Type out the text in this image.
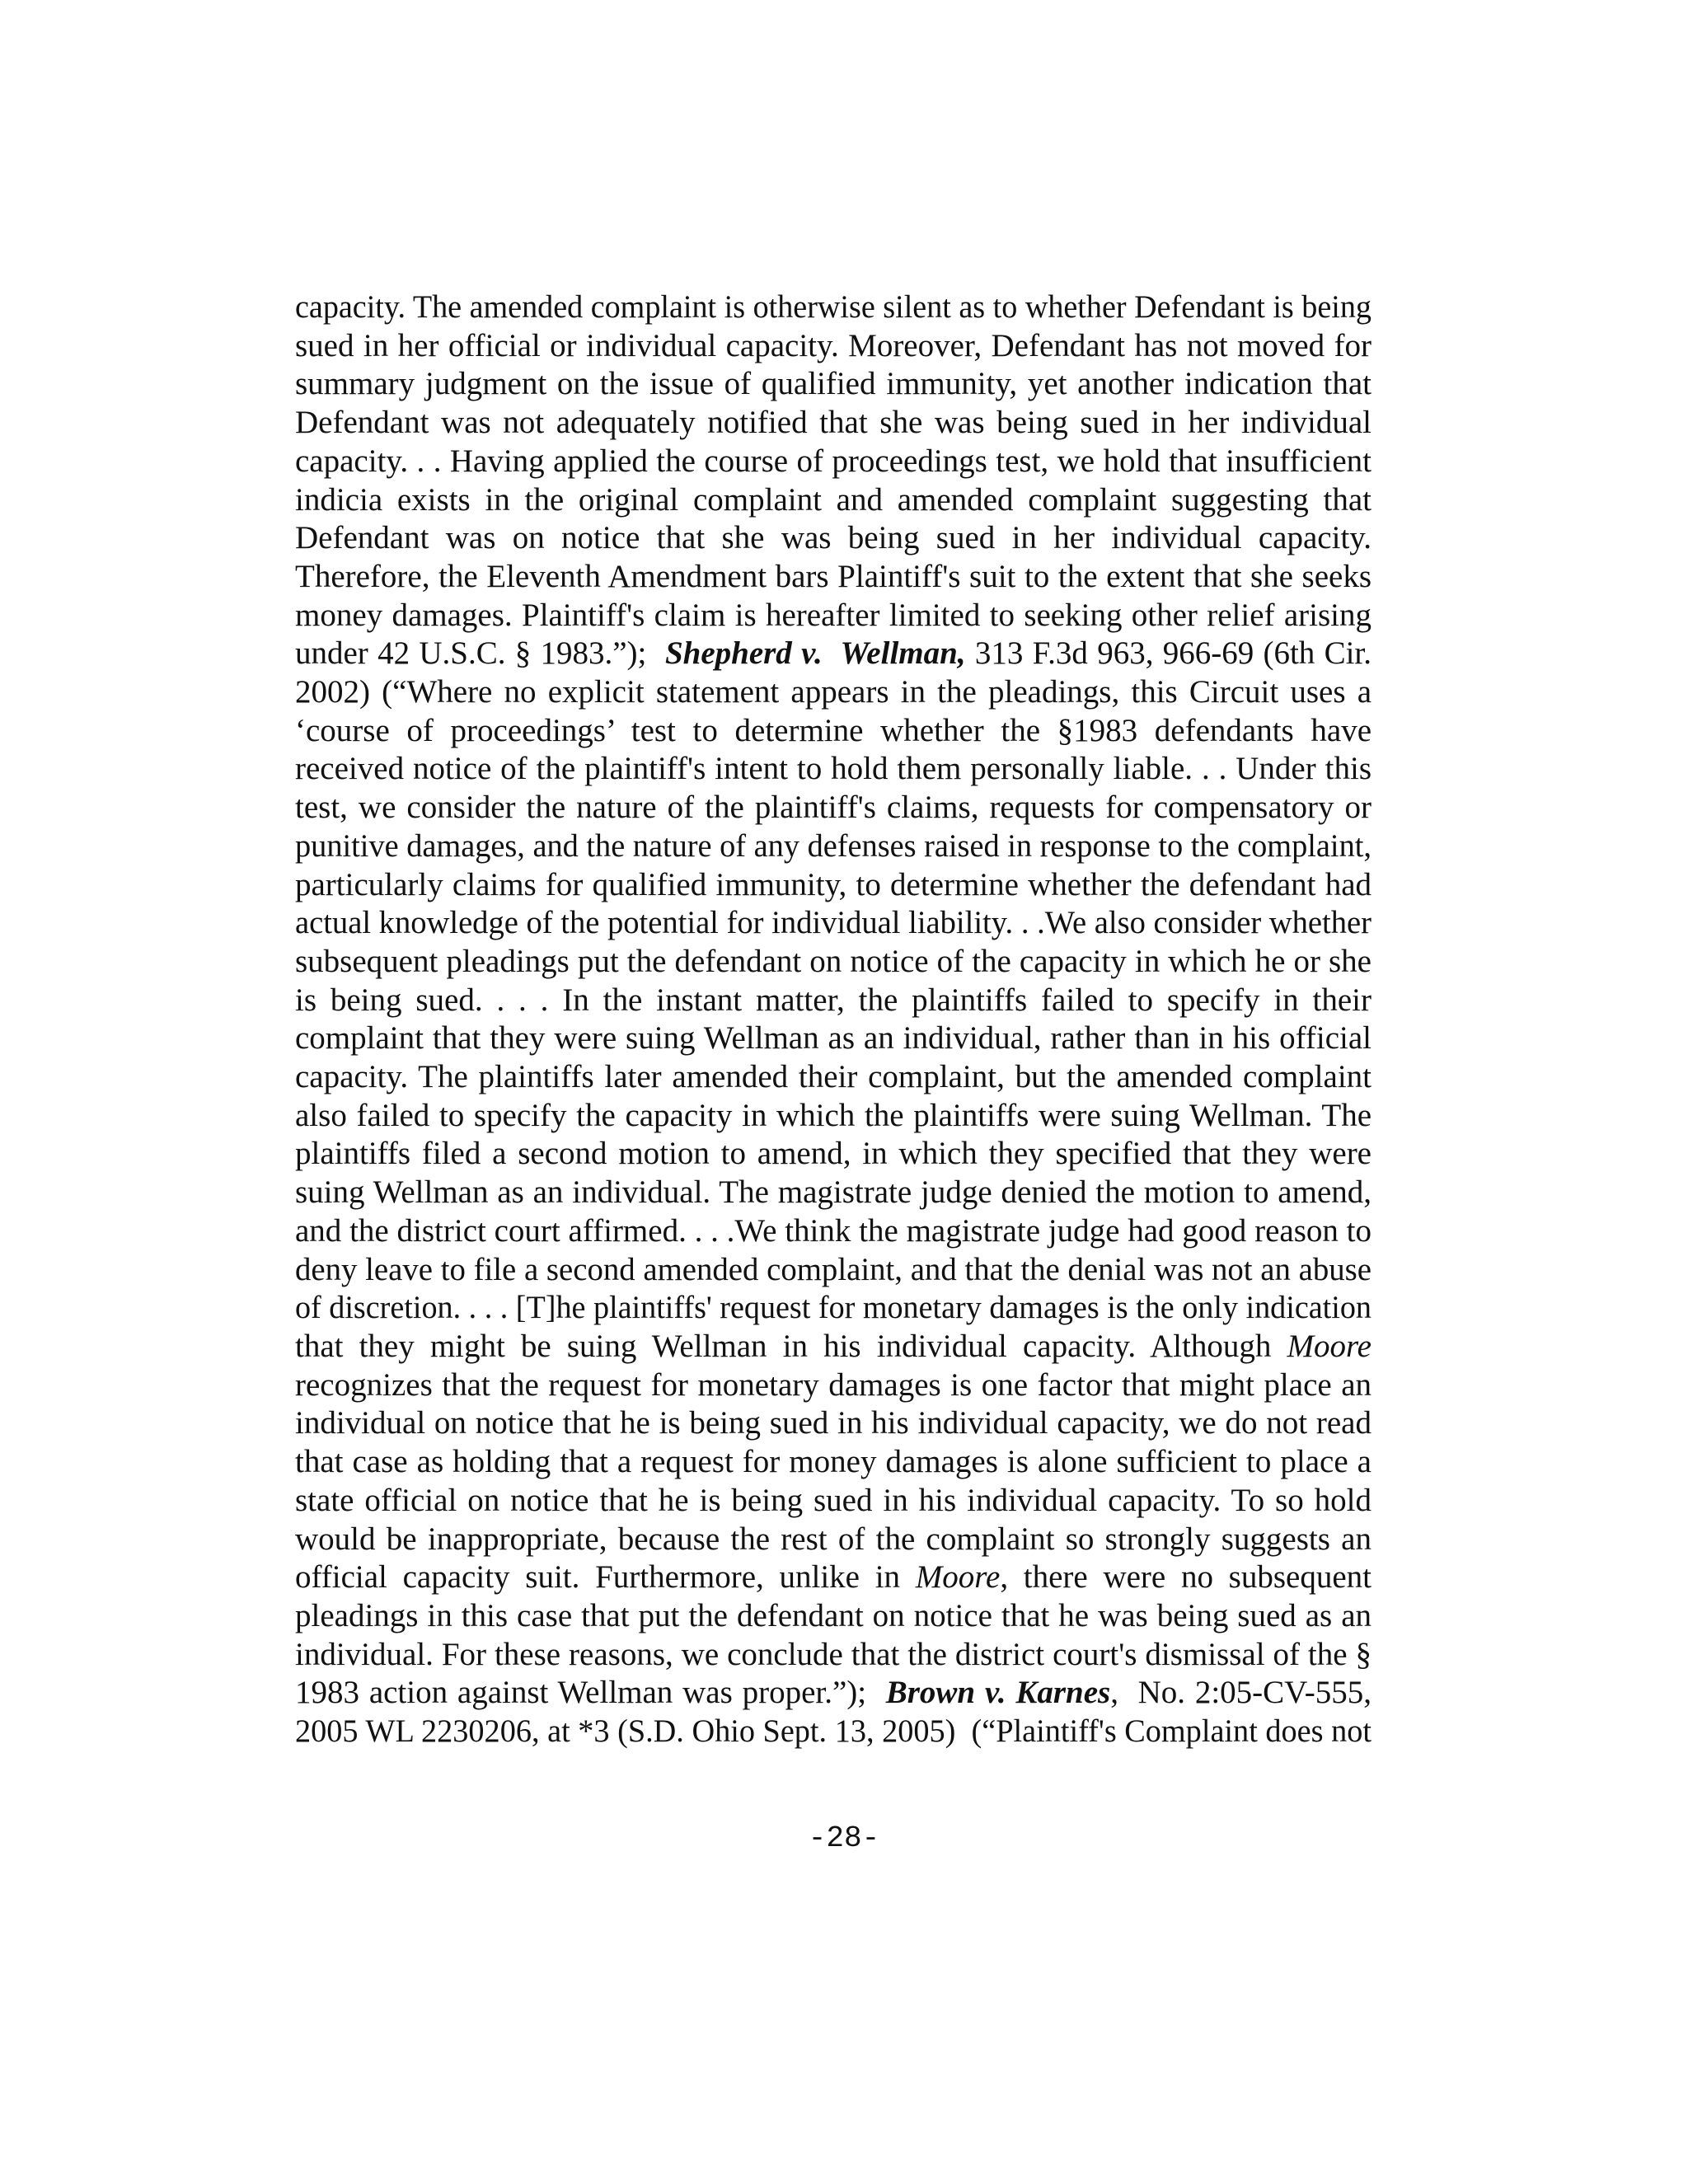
capacity. The amended complaint is otherwise silent as to whether Defendant is being
sued in her official or individual capacity. Moreover, Defendant has not moved for
summary judgment on the issue of qualified immunity, yet another indication that
Defendant was not adequately notified that she was being sued in her individual
capacity. . . Having applied the course of proceedings test, we hold that insufficient
indicia exists in the original complaint and amended complaint suggesting that
Defendant was on notice that she was being sued in her individual capacity.
Therefore, the Eleventh Amendment bars Plaintiff's suit to the extent that she seeks
money damages. Plaintiff's claim is hereafter limited to seeking other relief arising
under 42 U.S.C. § 1983.”);  Shepherd v.  Wellman, 313 F.3d 963, 966-69 (6th Cir.
2002) (“Where no explicit statement appears in the pleadings, this Circuit uses a
‘course of proceedings’ test to determine whether the §1983 defendants have
received notice of the plaintiff's intent to hold them personally liable. . . Under this
test, we consider the nature of the plaintiff's claims, requests for compensatory or
punitive damages, and the nature of any defenses raised in response to the complaint,
particularly claims for qualified immunity, to determine whether the defendant had
actual knowledge of the potential for individual liability. . .We also consider whether
subsequent pleadings put the defendant on notice of the capacity in which he or she
is being sued. . . . In the instant matter, the plaintiffs failed to specify in their
complaint that they were suing Wellman as an individual, rather than in his official
capacity. The plaintiffs later amended their complaint, but the amended complaint
also failed to specify the capacity in which the plaintiffs were suing Wellman. The
plaintiffs filed a second motion to amend, in which they specified that they were
suing Wellman as an individual. The magistrate judge denied the motion to amend,
and the district court affirmed. . . .We think the magistrate judge had good reason to
deny leave to file a second amended complaint, and that the denial was not an abuse
of discretion. . . . [T]he plaintiffs' request for monetary damages is the only indication
that they might be suing Wellman in his individual capacity. Although Moore
recognizes that the request for monetary damages is one factor that might place an
individual on notice that he is being sued in his individual capacity, we do not read
that case as holding that a request for money damages is alone sufficient to place a
state official on notice that he is being sued in his individual capacity. To so hold
would be inappropriate, because the rest of the complaint so strongly suggests an
official capacity suit. Furthermore, unlike in Moore, there were no subsequent
pleadings in this case that put the defendant on notice that he was being sued as an
individual. For these reasons, we conclude that the district court's dismissal of the §
1983 action against Wellman was proper.”);  Brown v. Karnes,  No. 2:05-CV-555,
2005 WL 2230206, at *3 (S.D. Ohio Sept. 13, 2005)  (“Plaintiff's Complaint does not
-28-
